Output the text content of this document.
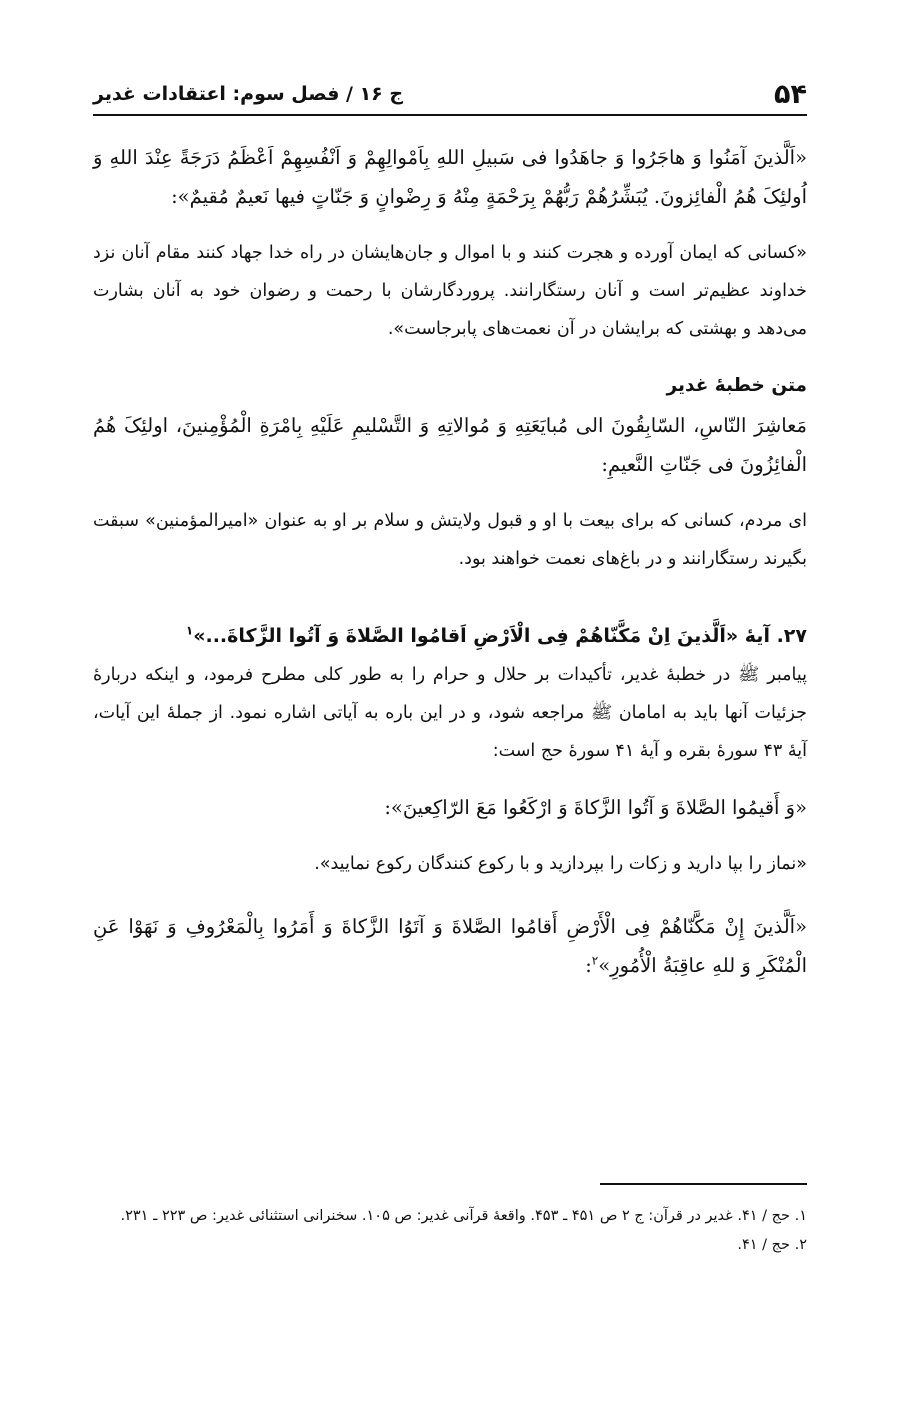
۵۴
ج ۱۶ / فصل سوم: اعتقادات غدیر

«اَلَّذینَ آمَنُوا وَ هاجَرُوا وَ جاهَدُوا فی سَبیلِ اللهِ بِاَمْوالِهِمْ وَ اَنْفُسِهِمْ اَعْظَمُ دَرَجَةً عِنْدَ اللهِ وَ اُولئِکَ هُمُ الْفائِزونَ. یُبَشِّرُهُمْ رَبُّهُمْ بِرَحْمَةٍ مِنْهُ وَ رِضْوانٍ وَ جَنّاتٍ فیها نَعیمٌ مُقیمٌ»:

«کسانی که ایمان آورده و هجرت کنند و با اموال و جان‌هایشان در راه خدا جهاد کنند مقام آنان نزد خداوند عظیم‌تر است و آنان رستگارانند. پروردگارشان با رحمت و رضوان خود به آنان بشارت می‌دهد و بهشتی که برایشان در آن نعمت‌های پابرجاست».

متن خطبۀ غدیر

مَعاشِرَ النّاسِ، السّابِقُونَ الی مُبایَعَتِهِ وَ مُوالاتِهِ وَ التَّسْلیمِ عَلَیْهِ بِامْرَةِ الْمُؤْمِنینَ، اولئِکَ هُمُ الْفائِزُونَ فی جَنّاتِ النَّعیمِ:

ای مردم، کسانی که برای بیعت با او و قبول ولایتش و سلام بر او به عنوان «امیرالمؤمنین» سبقت بگیرند رستگارانند و در باغ‌های نعمت خواهند بود.

۲۷. آیۀ «اَلَّذینَ اِنْ مَکَّنّاهُمْ فِی الْاَرْضِ اَقامُوا الصَّلاةَ وَ آتُوا الزَّکاةَ...»$^۱$

پیامبر ﷺ در خطبۀ غدیر، تأکیدات بر حلال و حرام را به طور کلی مطرح فرمود، و اینکه دربارۀ جزئیات آنها باید به امامان ﷺ مراجعه شود، و در این باره به آیاتی اشاره نمود. از جملۀ این آیات، آیۀ ۴۳ سورۀ بقره و آیۀ ۴۱ سورۀ حج است:

«وَ أَقیمُوا الصَّلاةَ وَ آتُوا الزَّکاةَ وَ ارْکَعُوا مَعَ الرّاکِعینَ»:

«نماز را بپا دارید و زکات را بپردازید و با رکوع کنندگان رکوع نمایید».

«اَلَّذینَ إِنْ مَکَّنّاهُمْ فِی الْأَرْضِ أَقامُوا الصَّلاةَ وَ آتَوُا الزَّکاةَ وَ أَمَرُوا بِالْمَعْرُوفِ وَ نَهَوْا عَنِ الْمُنْکَرِ وَ للهِ عاقِبَةُ الْأُمُورِ»$^۲$:

۱. حج / ۴۱. غدیر در قرآن: ج ۲ ص ۴۵۱ ـ ۴۵۳. واقعۀ قرآنی غدیر: ص ۱۰۵. سخنرانی استثنائی غدیر: ص ۲۲۳ ـ ۲۳۱.

۲. حج / ۴۱.
